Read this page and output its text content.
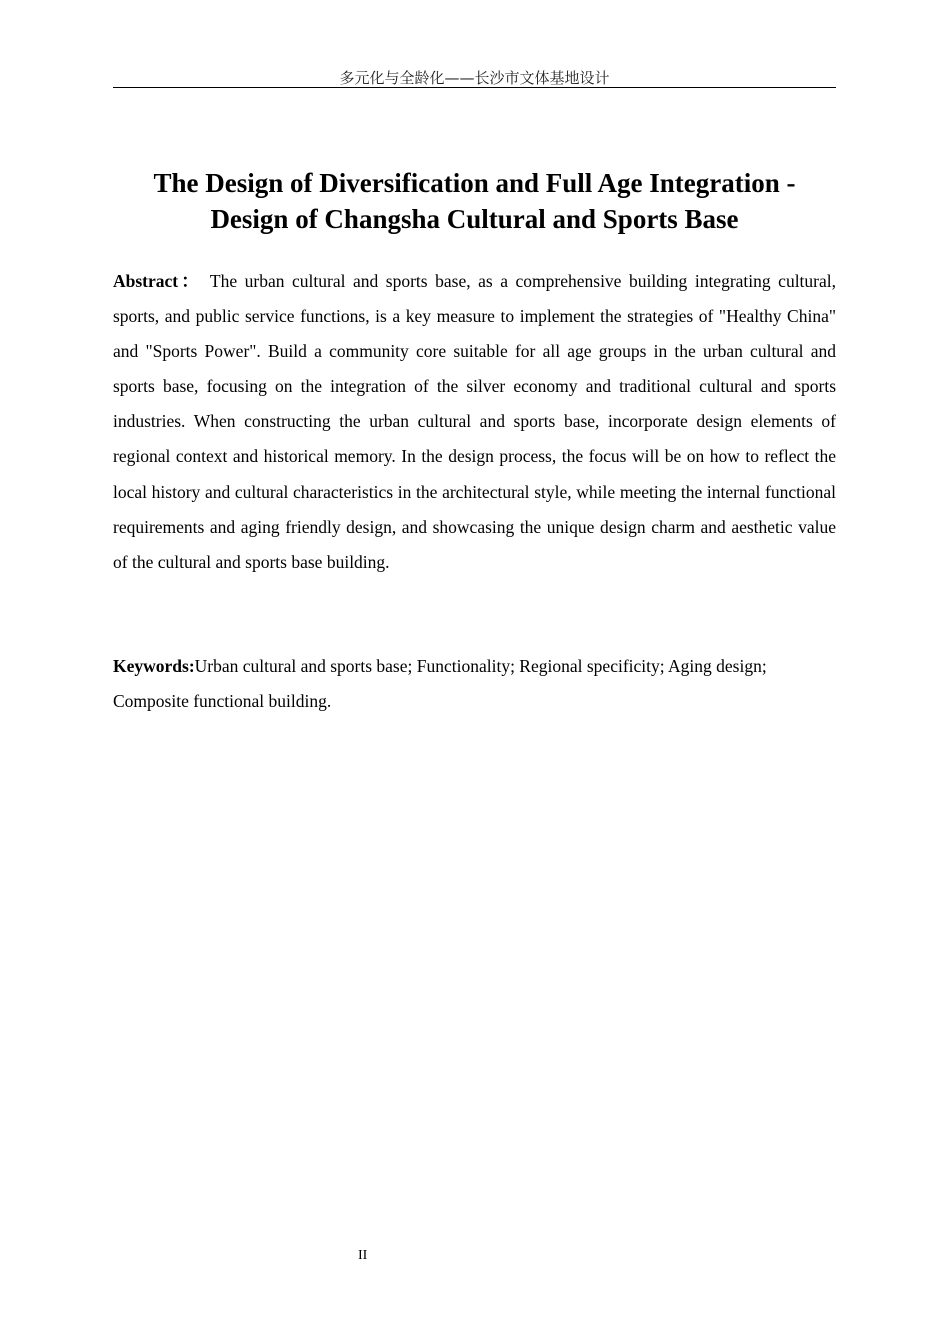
多元化与全龄化——长沙市文体基地设计
The Design of Diversification and Full Age Integration -
Design of Changsha Cultural and Sports Base

Abstract： The urban cultural and sports base, as a comprehensive building integrating cultural, sports, and public service functions, is a key measure to implement the strategies of "Healthy China" and "Sports Power". Build a community core suitable for all age groups in the urban cultural and sports base, focusing on the integration of the silver economy and traditional cultural and sports industries. When constructing the urban cultural and sports base, incorporate design elements of regional context and historical memory. In the design process, the focus will be on how to reflect the local history and cultural characteristics in the architectural style, while meeting the internal functional requirements and aging friendly design, and showcasing the unique design charm and aesthetic value of the cultural and sports base building.

Keywords:Urban cultural and sports base; Functionality; Regional specificity; Aging design; Composite functional building.

II
